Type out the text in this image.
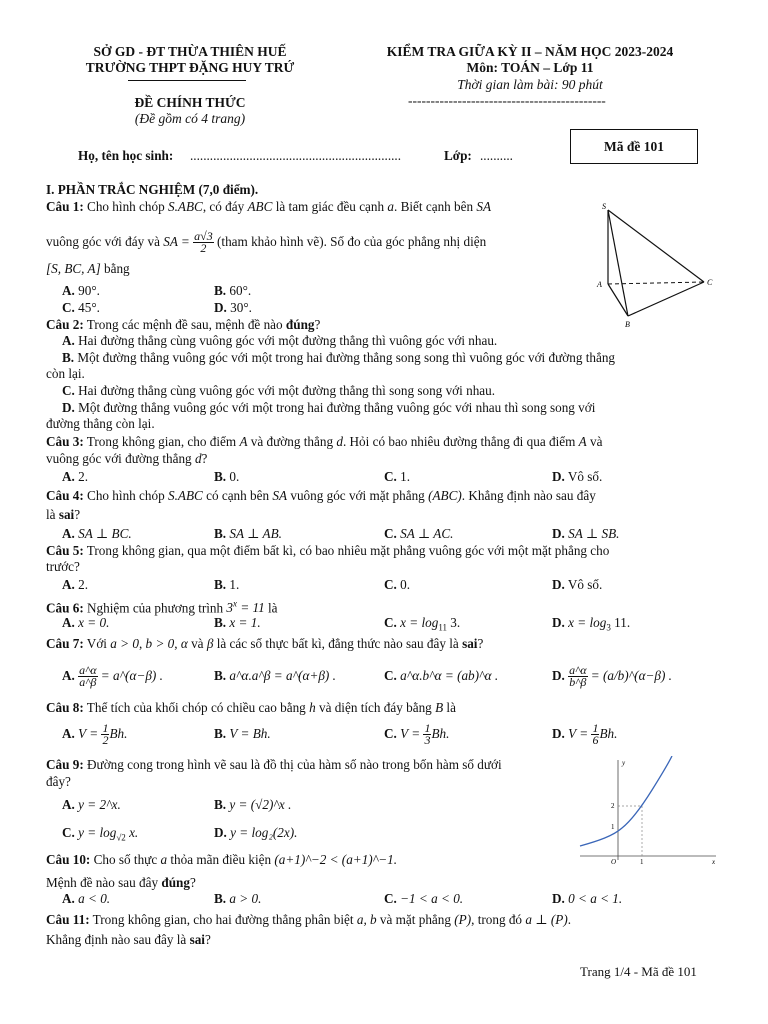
SỞ GD - ĐT THỪA THIÊN HUẾ
TRƯỜNG THPT ĐẶNG HUY TRỨ
ĐỀ CHÍNH THỨC
(Đề gồm có 4 trang)
KIỂM TRA GIỮA KỲ II – NĂM HỌC 2023-2024
Môn: TOÁN – Lớp 11
Thời gian làm bài: 90 phút
--------------------------------------------
Họ, tên học sinh: ................................................................	Lớp: ..........
Mã đề 101
I. PHẦN TRẮC NGHIỆM (7,0 điểm).
Câu 1: Cho hình chóp S.ABC, có đáy ABC là tam giác đều cạnh a. Biết cạnh bên SA
vuông góc với đáy và SA = $\frac{a√3}{2}$ (tham khảo hình vẽ). Số đo của góc phẳng nhị diện
[S, BC, A] bằng
A. 90°.	B. 60°.
C. 45°.	D. 30°.
S
A
B
C
Câu 2: Trong các mệnh đề sau, mệnh đề nào đúng?
A. Hai đường thẳng cùng vuông góc với một đường thẳng thì vuông góc với nhau.
B. Một đường thẳng vuông góc với một trong hai đường thẳng song song thì vuông góc với đường thẳng
còn lại.
C. Hai đường thẳng cùng vuông góc với một đường thẳng thì song song với nhau.
D. Một đường thẳng vuông góc với một trong hai đường thẳng vuông góc với nhau thì song song với
đường thẳng còn lại.
Câu 3: Trong không gian, cho điểm A và đường thẳng d. Hỏi có bao nhiêu đường thẳng đi qua điểm A và
vuông góc với đường thẳng d?
A. 2.	B. 0.	C. 1.	D. Vô số.
Câu 4: Cho hình chóp S.ABC có cạnh bên SA vuông góc với mặt phẳng (ABC). Khẳng định nào sau đây
là sai?
A. SA ⊥ BC.	B. SA ⊥ AB.	C. SA ⊥ AC.	D. SA ⊥ SB.
Câu 5: Trong không gian, qua một điểm bất kì, có bao nhiêu mặt phẳng vuông góc với một mặt phẳng cho
trước?
A. 2.	B. 1.	C. 0.	D. Vô số.
Câu 6: Nghiệm của phương trình $3^x = 11$ là
A. x = 0.	B. x = 1.	C. $x = \log_{11} 3$.	D. $x = \log_3 11$.
Câu 7: Với a > 0, b > 0, α và β là các số thực bất kì, đẳng thức nào sau đây là sai?
A. $\frac{a\^{}\alpha}{a\^{}\beta}$ = a^(α−β) .	B. a^α.a^β = a^(α+β) .	C. a^α.b^α = (ab)^α .	D. $\frac{a\^{}\alpha}{b\^{}\beta}$ = (a/b)^(α−β) .
Câu 8: Thể tích của khối chóp có chiều cao bằng h và diện tích đáy bằng B là
A. $V = \frac{1}{2} Bh$.	B. V = Bh.	C. $V = \frac{1}{3} Bh$.	D. $V = \frac{1}{6} Bh$.
Câu 9: Đường cong trong hình vẽ sau là đồ thị của hàm số nào trong bốn hàm số dưới
đây?
A. y = 2^x.	B. y = (√2)^x .
C. $y = \log_{√2} x$.	D. y = log₂(2x).
y
x
O	1
1
2
Câu 10: Cho số thực a thỏa mãn điều kiện (a+1)^−2 < (a+1)^−1.
Mệnh đề nào sau đây đúng?
A. a < 0.	B. a > 0.	C. −1 < a < 0.	D. 0 < a < 1.
Câu 11: Trong không gian, cho hai đường thẳng phân biệt a, b và mặt phẳng (P), trong đó a ⊥ (P).
Khẳng định nào sau đây là sai?
Trang 1/4 - Mã đề 101
